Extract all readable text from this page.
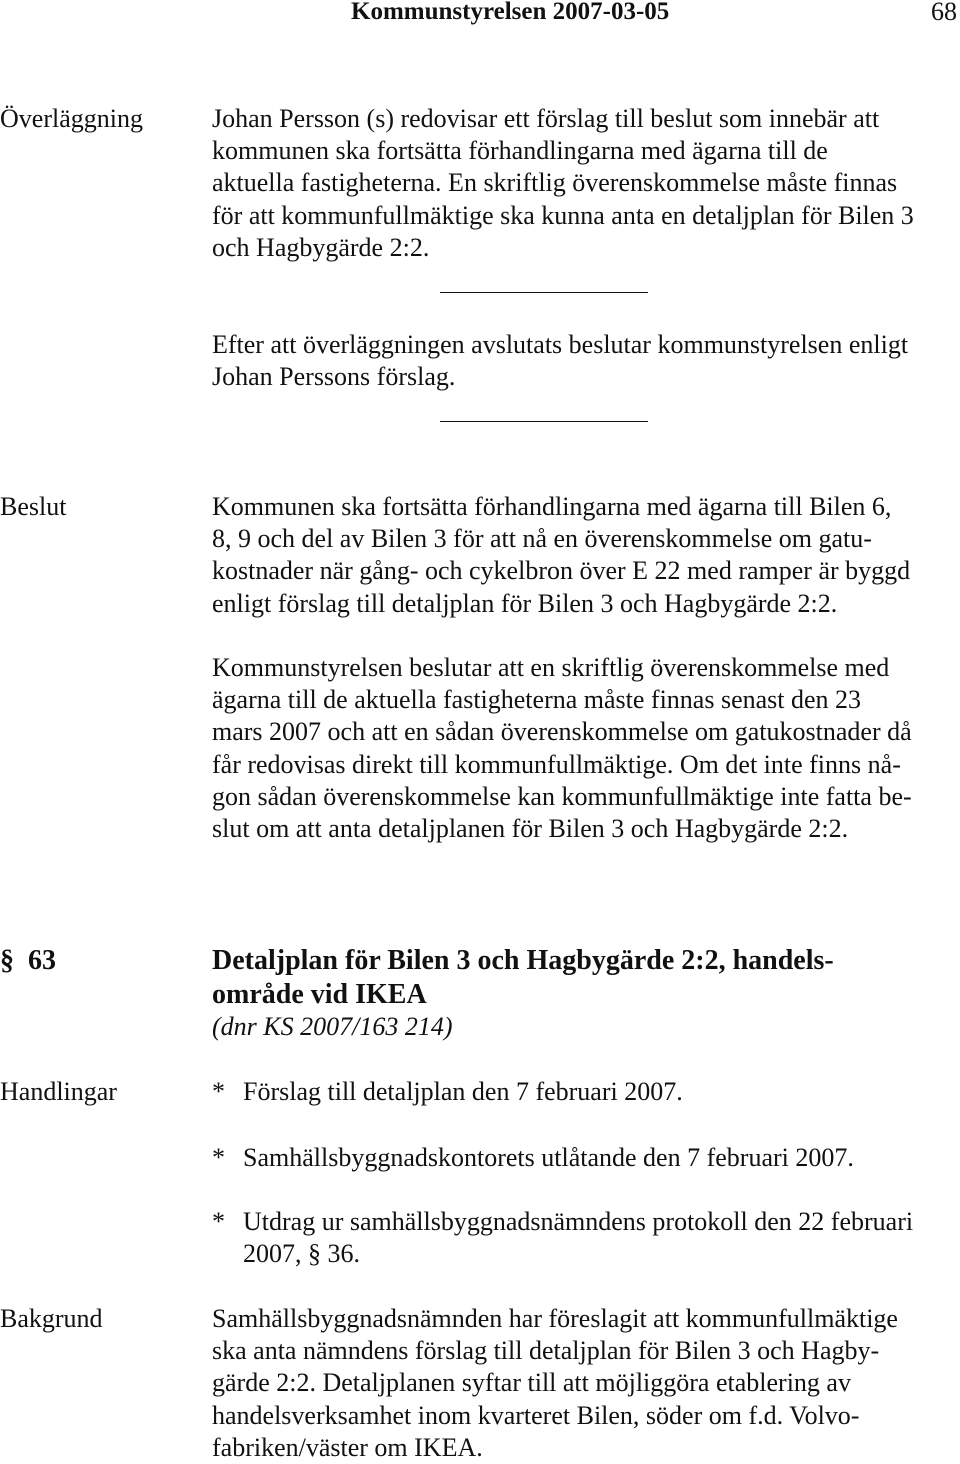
Kommunstyrelsen 2007-03-05	68
Överläggning	Johan Persson (s) redovisar ett förslag till beslut som innebär att
kommunen ska fortsätta förhandlingarna med ägarna till de
aktuella fastigheterna. En skriftlig överenskommelse måste finnas
för att kommunfullmäktige ska kunna anta en detaljplan för Bilen 3
och Hagbygärde 2:2.
Efter att överläggningen avslutats beslutar kommunstyrelsen enligt
Johan Perssons förslag.
Beslut	Kommunen ska fortsätta förhandlingarna med ägarna till Bilen 6,
8, 9 och del av Bilen 3 för att nå en överenskommelse om gatu-
kostnader när gång- och cykelbron över E 22 med ramper är byggd
enligt förslag till detaljplan för Bilen 3 och Hagbygärde 2:2.
Kommunstyrelsen beslutar att en skriftlig överenskommelse med
ägarna till de aktuella fastigheterna måste finnas senast den 23
mars 2007 och att en sådan överenskommelse om gatukostnader då
får redovisas direkt till kommunfullmäktige. Om det inte finns nå-
gon sådan överenskommelse kan kommunfullmäktige inte fatta be-
slut om att anta detaljplanen för Bilen 3 och Hagbygärde 2:2.
§ 63	Detaljplan för Bilen 3 och Hagbygärde 2:2, handels-
område vid IKEA
(dnr KS 2007/163 214)
Handlingar	* Förslag till detaljplan den 7 februari 2007.
* Samhällsbyggnadskontorets utlåtande den 7 februari 2007.
* Utdrag ur samhällsbyggnadsnämndens protokoll den 22 februari
2007, § 36.
Bakgrund	Samhällsbyggnadsnämnden har föreslagit att kommunfullmäktige
ska anta nämndens förslag till detaljplan för Bilen 3 och Hagby-
gärde 2:2. Detaljplanen syftar till att möjliggöra etablering av
handelsverksamhet inom kvarteret Bilen, söder om f.d. Volvo-
fabriken/väster om IKEA.
